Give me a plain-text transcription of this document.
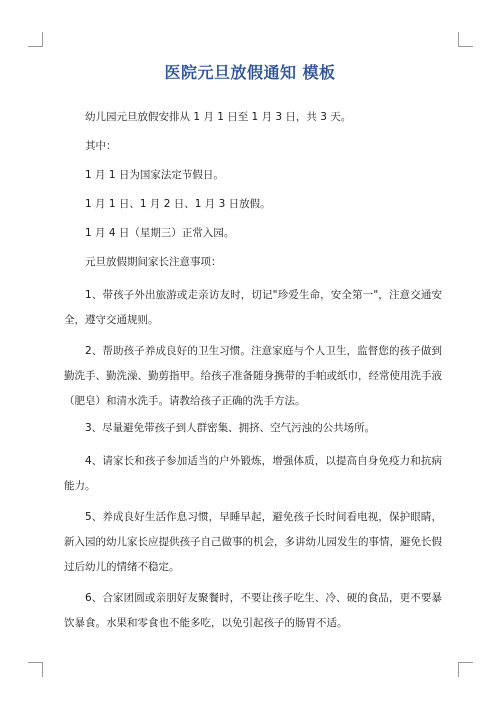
医院元旦放假通知 模板

幼儿园元旦放假安排从 1 月 1 日至 1 月 3 日，共 3 天。

其中：

1 月 1 日为国家法定节假日。

1 月 1 日、1 月 2 日、1 月 3 日放假。

1 月 4 日（星期三）正常入园。

元旦放假期间家长注意事项：

1、带孩子外出旅游或走亲访友时，切记"珍爱生命，安全第一"，注意交通安全，遵守交通规则。

2、帮助孩子养成良好的卫生习惯。注意家庭与个人卫生，监督您的孩子做到勤洗手、勤洗澡、勤剪指甲。给孩子准备随身携带的手帕或纸巾，经常使用洗手液（肥皂）和清水洗手。请教给孩子正确的洗手方法。

3、尽量避免带孩子到人群密集、拥挤、空气污浊的公共场所。

4、请家长和孩子参加适当的户外锻炼，增强体质，以提高自身免疫力和抗病能力。

5、养成良好生活作息习惯，早睡早起，避免孩子长时间看电视，保护眼睛，新入园的幼儿家长应提供孩子自己做事的机会，多讲幼儿园发生的事情，避免长假过后幼儿的情绪不稳定。

6、合家团圆或亲朋好友聚餐时，不要让孩子吃生、冷、硬的食品，更不要暴饮暴食。水果和零食也不能多吃，以免引起孩子的肠胃不适。
